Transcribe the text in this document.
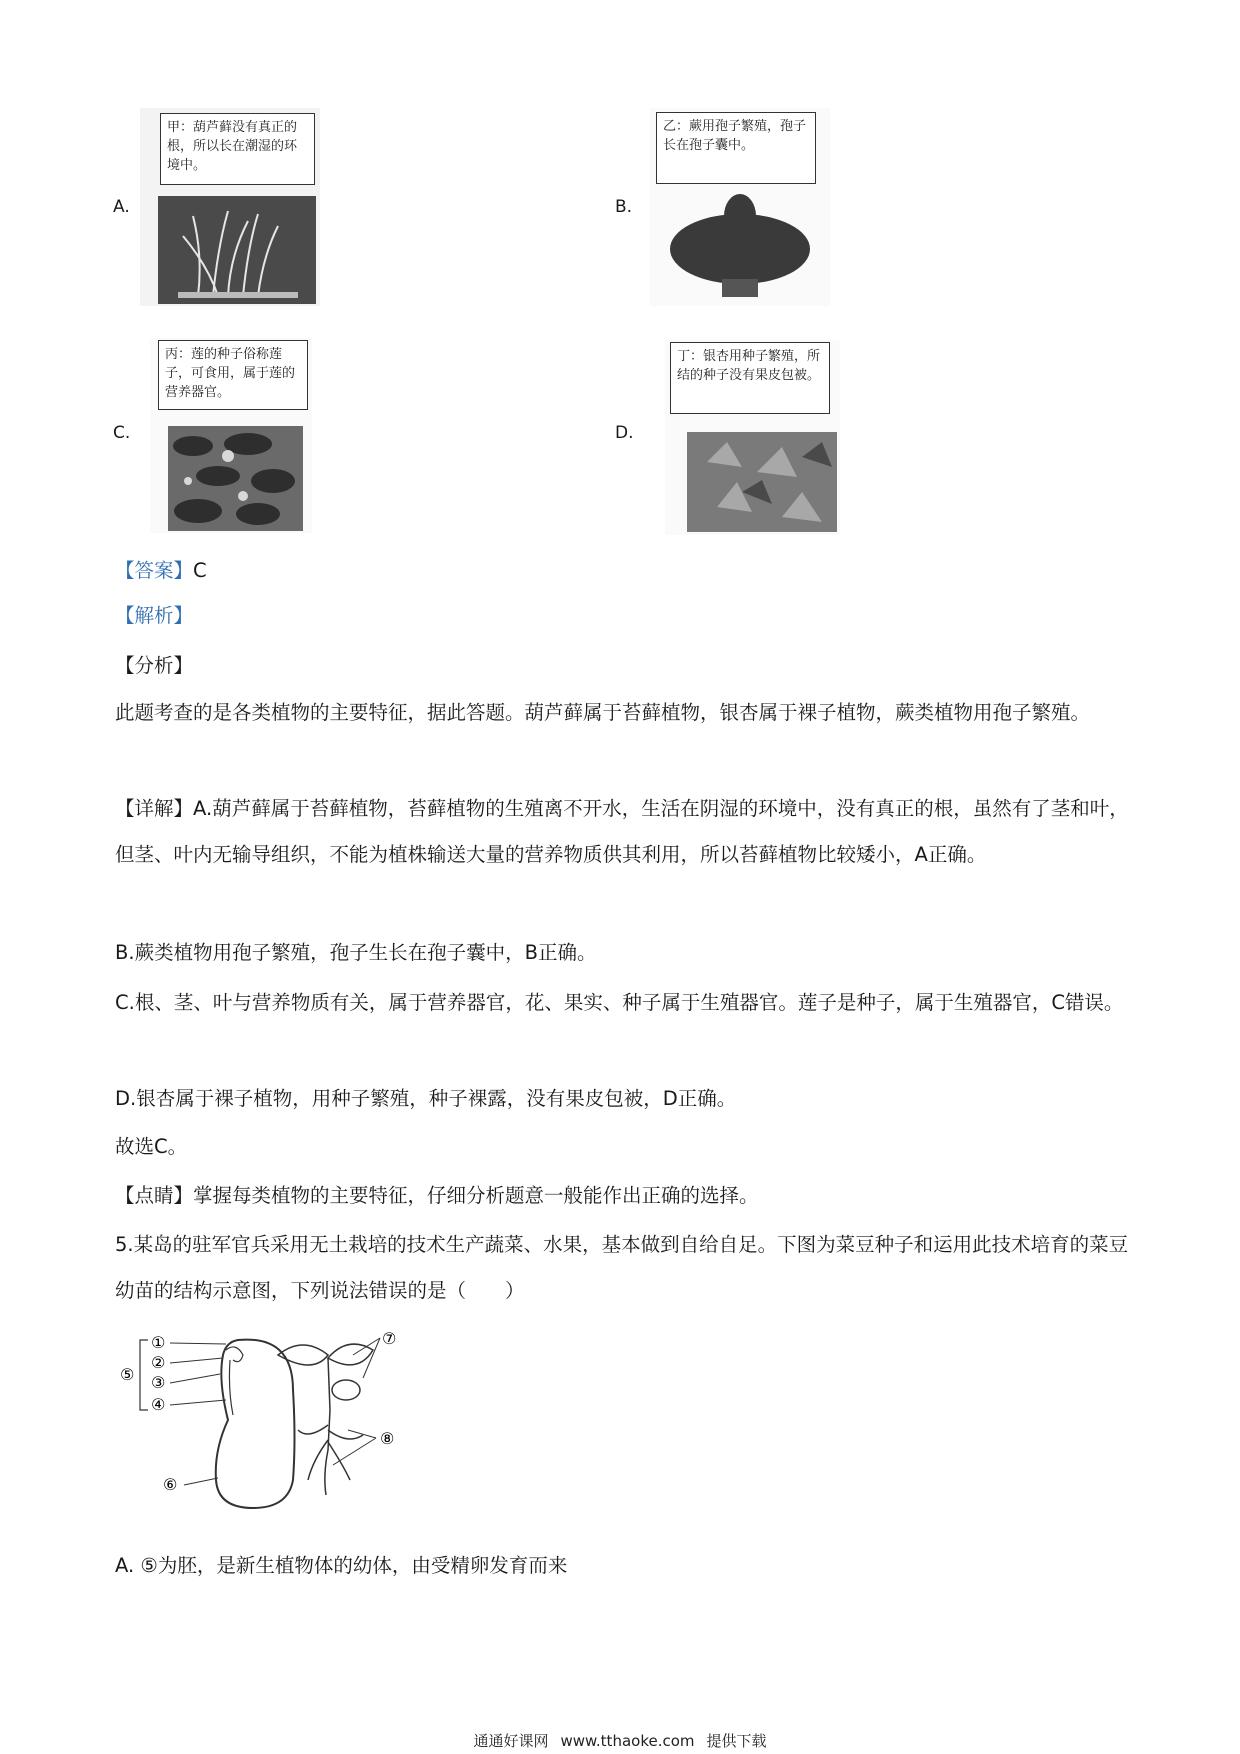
A.
甲：葫芦藓没有真正的根，所以长在潮湿的环境中。
B.
乙：蕨用孢子繁殖，孢子长在孢子囊中。
C.
丙：莲的种子俗称莲子，可食用，属于莲的营养器官。
D.
丁：银杏用种子繁殖，所结的种子没有果皮包被。
【答案】C
【解析】
【分析】
此题考查的是各类植物的主要特征，据此答题。葫芦藓属于苔藓植物，银杏属于裸子植物，蕨类植物用孢子繁殖。
【详解】A.葫芦藓属于苔藓植物，苔藓植物的生殖离不开水，生活在阴湿的环境中，没有真正的根，虽然有了茎和叶，但茎、叶内无输导组织，不能为植株输送大量的营养物质供其利用，所以苔藓植物比较矮小，A正确。
B.蕨类植物用孢子繁殖，孢子生长在孢子囊中，B正确。
C.根、茎、叶与营养物质有关，属于营养器官，花、果实、种子属于生殖器官。莲子是种子，属于生殖器官，C错误。
D.银杏属于裸子植物，用种子繁殖，种子裸露，没有果皮包被，D正确。
故选C。
【点睛】掌握每类植物的主要特征，仔细分析题意一般能作出正确的选择。
5.某岛的驻军官兵采用无土栽培的技术生产蔬菜、水果，基本做到自给自足。下图为菜豆种子和运用此技术培育的菜豆幼苗的结构示意图，下列说法错误的是（　　）
⑤
①
②
③
④
⑥
⑦
⑧
A. ⑤为胚，是新生植物体的幼体，由受精卵发育而来
通通好课网 www.tthaoke.com 提供下载
